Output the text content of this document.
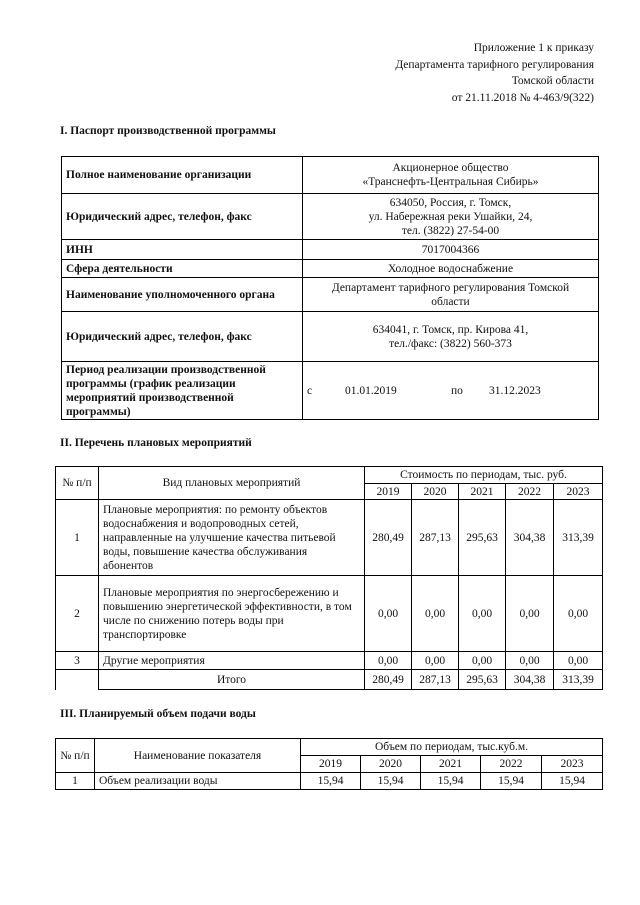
Приложение 1 к приказу
Департамента тарифного регулирования
Томской области
от 21.11.2018 № 4-463/9(322)
I. Паспорт производственной программы
Полное наименование организации	Акционерное общество
«Транснефть-Центральная Сибирь»

Юридический адрес, телефон, факс	634050, Россия, г. Томск,
ул. Набережная реки Ушайки, 24,
тел. (3822) 27-54-00

ИНН	7017004366
Сфера деятельности	Холодное водоснабжение
Наименование уполномоченного органа	Департамент тарифного регулирования Томской
области

Юридический адрес, телефон, факс	634041, г. Томск, пр. Кирова 41,
тел./факс: (3822) 560-373

Период реализации производственной программы (график реализации мероприятий производственной программы)	с 01.01.2019 по 31.12.2023
II. Перечень плановых мероприятий
№ п/п	Вид плановых мероприятий	Стоимость по периодам, тыс. руб.				
		2019	2020	2021	2022	2023
1	Плановые мероприятия: по ремонту объектов водоснабжения и водопроводных сетей, направленные на улучшение качества питьевой воды, повышение качества обслуживания абонентов	280,49	287,13	295,63	304,38	313,39
2	Плановые мероприятия по энергосбережению и повышению энергетической эффективности, в том числе по снижению потерь воды при транспортировке	0,00	0,00	0,00	0,00	0,00
3	Другие мероприятия	0,00	0,00	0,00	0,00	0,00
	Итого	280,49	287,13	295,63	304,38	313,39
III. Планируемый объем подачи воды
№ п/п	Наименование показателя	Объем по периодам, тыс.куб.м.				
		2019	2020	2021	2022	2023
1	Объем реализации воды	15,94	15,94	15,94	15,94	15,94
